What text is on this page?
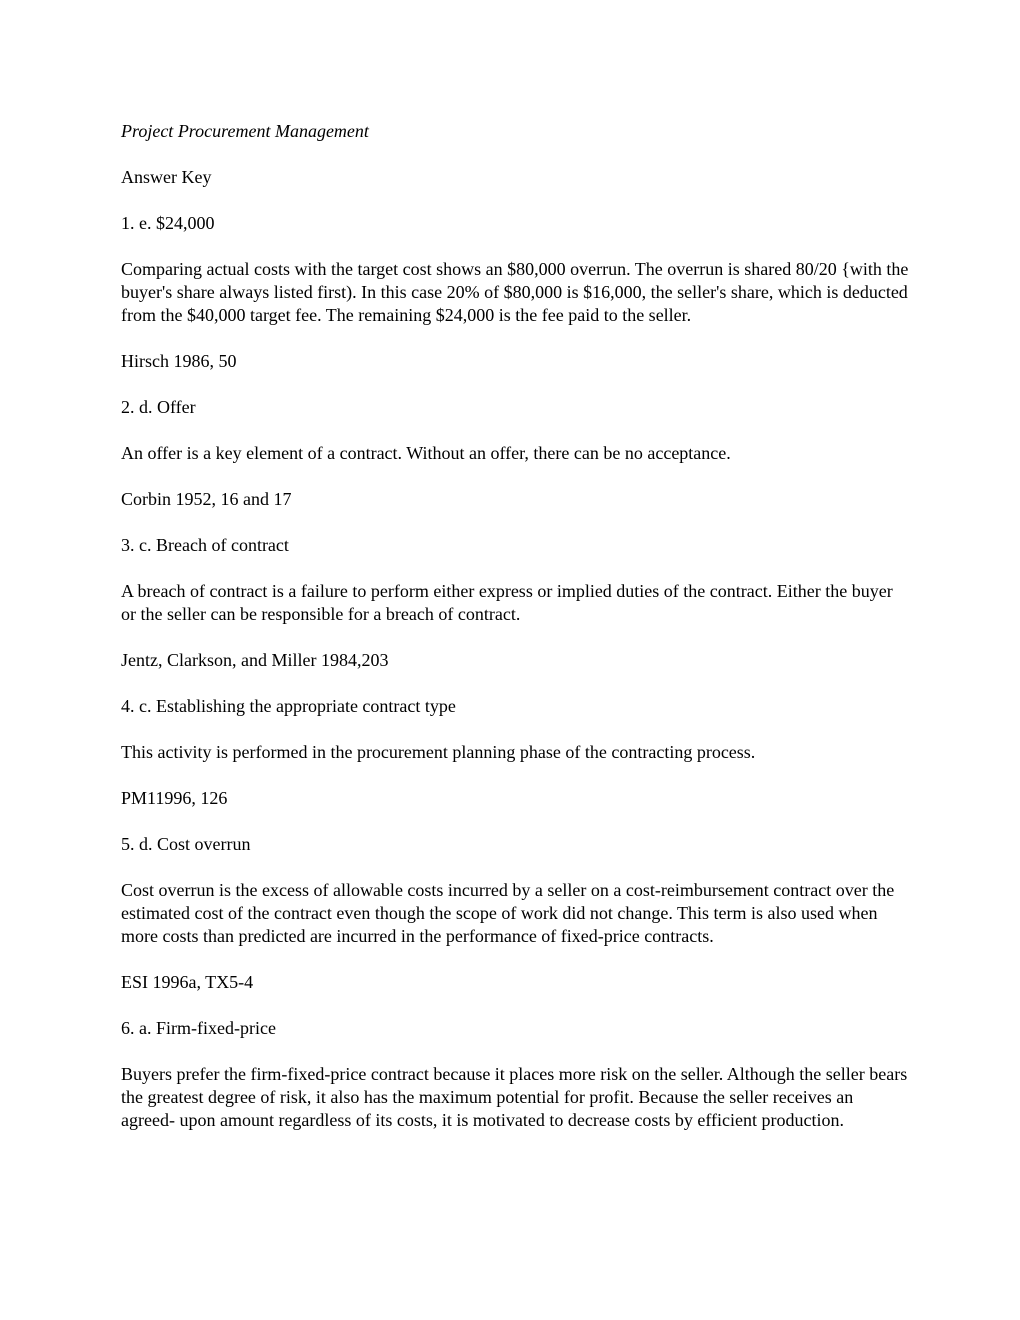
Project Procurement Management

Answer Key

1. e. $24,000

Comparing actual costs with the target cost shows an $80,000 overrun. The overrun is shared 80/20 {with the buyer's share always listed first). In this case 20% of $80,000 is $16,000, the seller's share, which is deducted from the $40,000 target fee. The remaining $24,000 is the fee paid to the seller.

Hirsch 1986, 50

2. d. Offer

An offer is a key element of a contract. Without an offer, there can be no acceptance.

Corbin 1952, 16 and 17

3. c. Breach of contract

A breach of contract is a failure to perform either express or implied duties of the contract. Either the buyer or the seller can be responsible for a breach of contract.

Jentz, Clarkson, and Miller 1984,203

4. c. Establishing the appropriate contract type

This activity is performed in the procurement planning phase of the contracting process.

PM11996, 126

5. d. Cost overrun

Cost overrun is the excess of allowable costs incurred by a seller on a cost-reimbursement contract over the estimated cost of the contract even though the scope of work did not change. This term is also used when more costs than predicted are incurred in the performance of fixed-price contracts.

ESI 1996a, TX5-4

6. a. Firm-fixed-price

Buyers prefer the firm-fixed-price contract because it places more risk on the seller. Although the seller bears the greatest degree of risk, it also has the maximum potential for profit. Because the seller receives an agreed- upon amount regardless of its costs, it is motivated to decrease costs by efficient production.
